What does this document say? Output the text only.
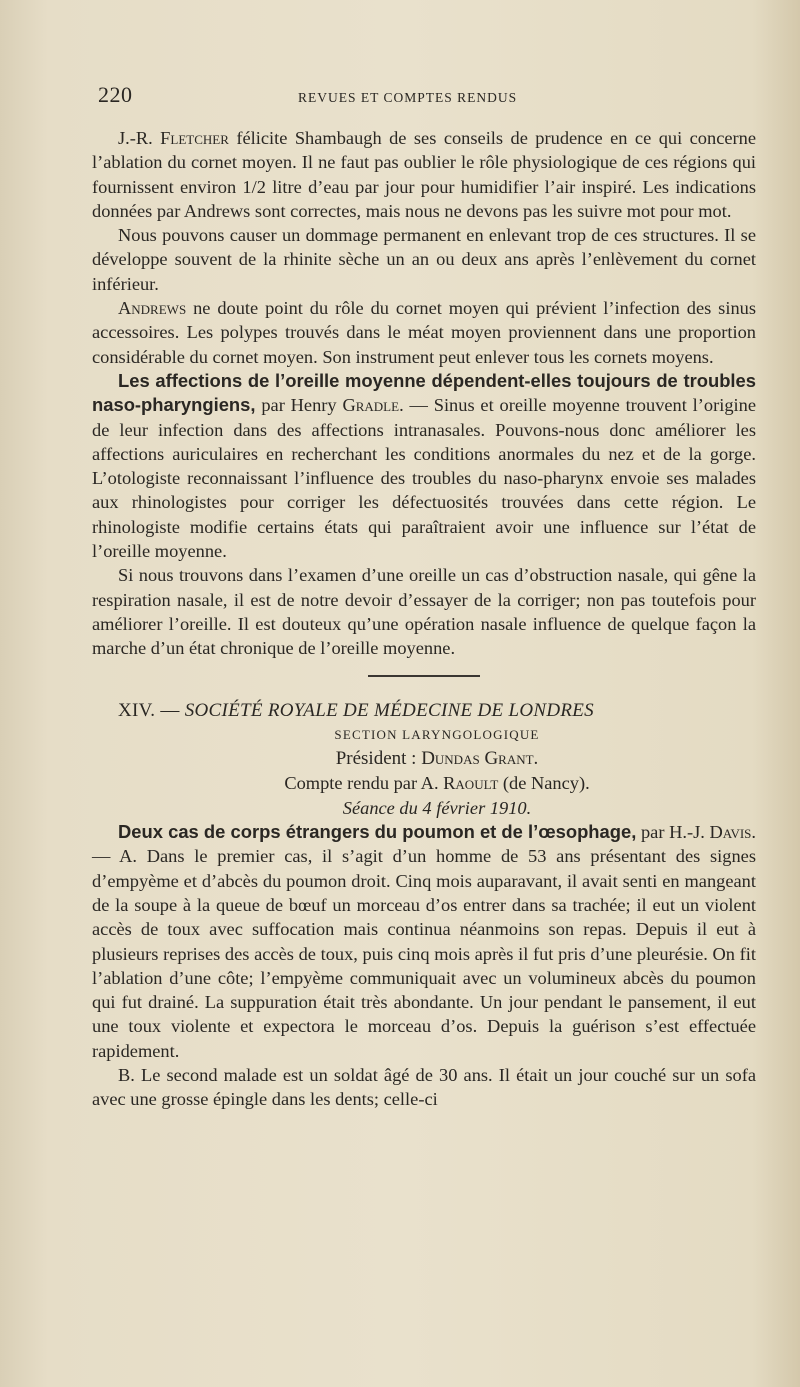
220	REVUES ET COMPTES RENDUS

J.-R. Fletcher félicite Shambaugh de ses conseils de prudence en ce qui concerne l’ablation du cornet moyen. Il ne faut pas oublier le rôle physiologique de ces régions qui fournissent environ 1/2 litre d’eau par jour pour humidifier l’air inspiré. Les indications données par Andrews sont correctes, mais nous ne devons pas les suivre mot pour mot.

Nous pouvons causer un dommage permanent en enlevant trop de ces structures. Il se développe souvent de la rhinite sèche un an ou deux ans après l’enlèvement du cornet inférieur.

Andrews ne doute point du rôle du cornet moyen qui prévient l’infection des sinus accessoires. Les polypes trouvés dans le méat moyen proviennent dans une proportion considérable du cornet moyen. Son instrument peut enlever tous les cornets moyens.

Les affections de l’oreille moyenne dépendent-elles toujours de troubles naso-pharyngiens, par Henry Gradle. — Sinus et oreille moyenne trouvent l’origine de leur infection dans des affections intranasales. Pouvons-nous donc améliorer les affections auriculaires en recherchant les conditions anormales du nez et de la gorge. L’otologiste reconnaissant l’influence des troubles du naso-pharynx envoie ses malades aux rhinologistes pour corriger les défectuosités trouvées dans cette région. Le rhinologiste modifie certains états qui paraîtraient avoir une influence sur l’état de l’oreille moyenne.

Si nous trouvons dans l’examen d’une oreille un cas d’obstruction nasale, qui gêne la respiration nasale, il est de notre devoir d’essayer de la corriger; non pas toutefois pour améliorer l’oreille. Il est douteux qu’une opération nasale influence de quelque façon la marche d’un état chronique de l’oreille moyenne.

XIV. — SOCIÉTÉ ROYALE DE MÉDECINE DE LONDRES

SECTION LARYNGOLOGIQUE

Président : Dundas Grant.

Compte rendu par A. Raoult (de Nancy).

Séance du 4 février 1910.

Deux cas de corps étrangers du poumon et de l’œsophage, par H.-J. Davis. — A. Dans le premier cas, il s’agit d’un homme de 53 ans présentant des signes d’empyème et d’abcès du poumon droit. Cinq mois auparavant, il avait senti en mangeant de la soupe à la queue de bœuf un morceau d’os entrer dans sa trachée; il eut un violent accès de toux avec suffocation mais continua néanmoins son repas. Depuis il eut à plusieurs reprises des accès de toux, puis cinq mois après il fut pris d’une pleurésie. On fit l’ablation d’une côte; l’empyème communiquait avec un volumineux abcès du poumon qui fut drainé. La suppuration était très abondante. Un jour pendant le pansement, il eut une toux violente et expectora le morceau d’os. Depuis la guérison s’est effectuée rapidement.

B. Le second malade est un soldat âgé de 30 ans. Il était un jour couché sur un sofa avec une grosse épingle dans les dents; celle-ci
